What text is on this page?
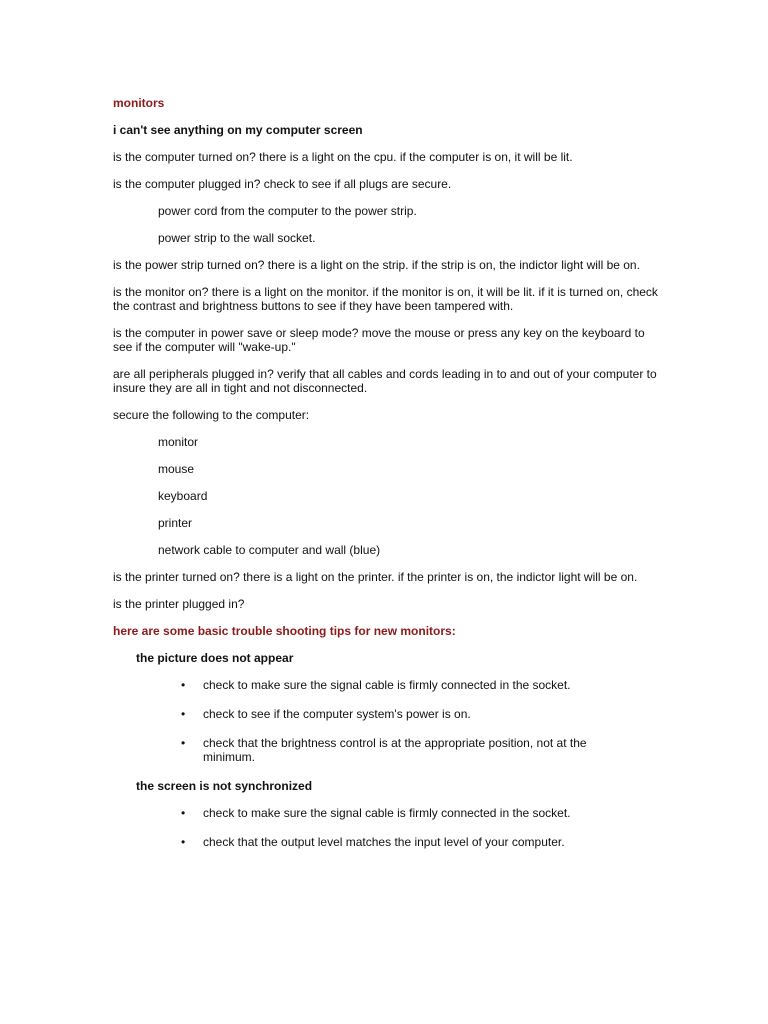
monitors
i can't see anything on my computer screen
is the computer turned on? there is a light on the cpu. if the computer is on, it will be lit.
is the computer plugged in? check to see if all plugs are secure.
power cord from the computer to the power strip.
power strip to the wall socket.
is the power strip turned on? there is a light on the strip. if the strip is on, the indictor light will be on.
is the monitor on? there is a light on the monitor. if the monitor is on, it will be lit. if it is turned on, check the contrast and brightness buttons to see if they have been tampered with.
is the computer in power save or sleep mode? move the mouse or press any key on the keyboard to see if the computer will "wake-up."
are all peripherals plugged in? verify that all cables and cords leading in to and out of your computer to insure they are all in tight and not disconnected.
secure the following to the computer:
monitor
mouse
keyboard
printer
network cable to computer and wall (blue)
is the printer turned on? there is a light on the printer. if the printer is on, the indictor light will be on.
is the printer plugged in?
here are some basic trouble shooting tips for new monitors:
the picture does not appear
• check to make sure the signal cable is firmly connected in the socket.
• check to see if the computer system's power is on.
• check that the brightness control is at the appropriate position, not at the minimum.
the screen is not synchronized
• check to make sure the signal cable is firmly connected in the socket.
• check that the output level matches the input level of your computer.
